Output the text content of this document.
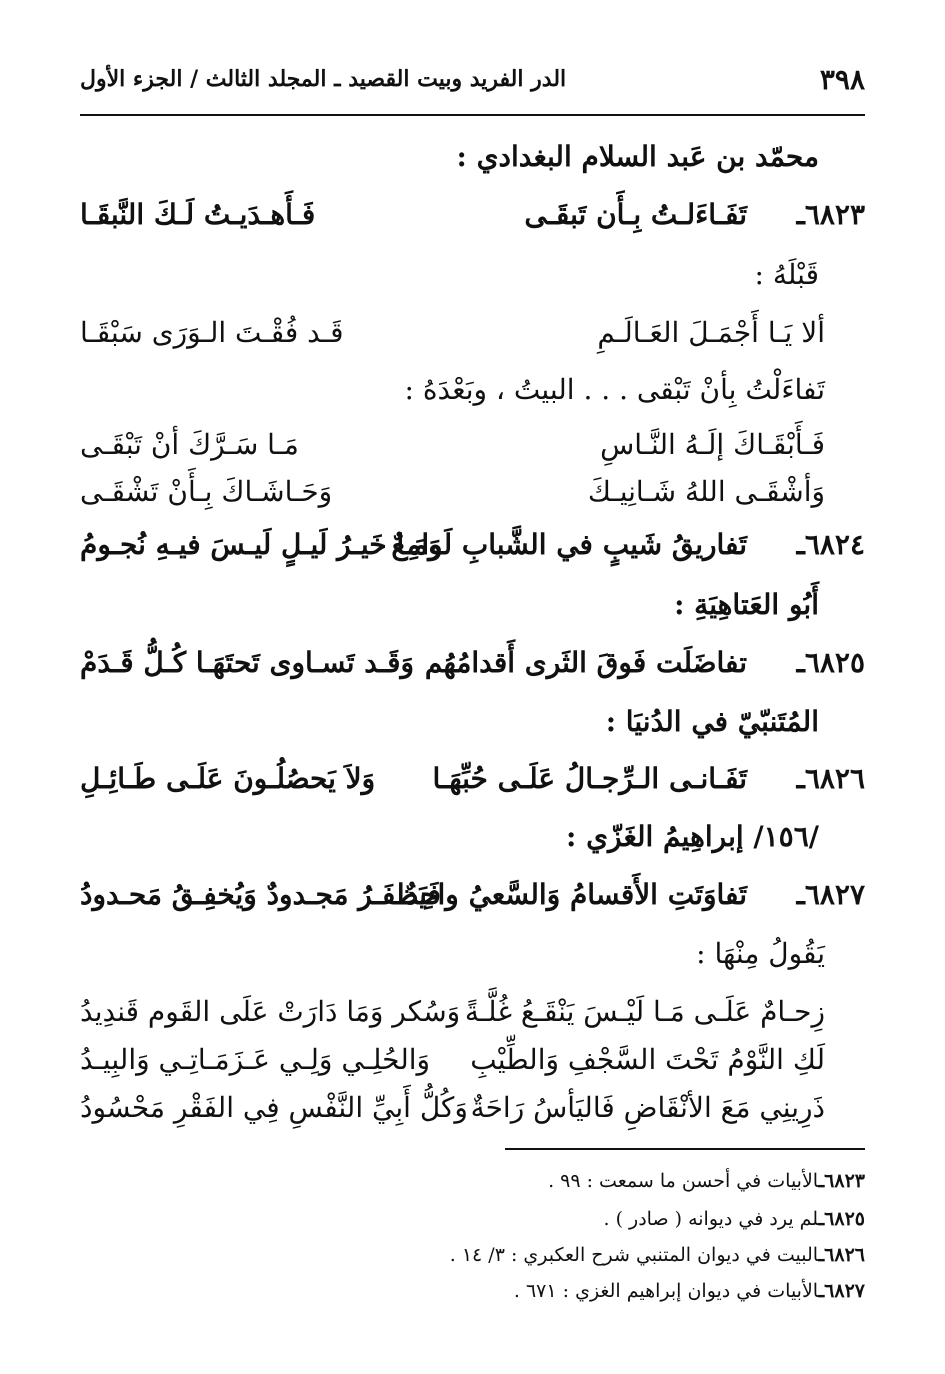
٣٩٨
الدر الفريد وبيت القصيد ـ المجلد الثالث / الجزء الأول
محمّد بن عَبد السلام البغدادي :
٦٨٢٣ـ
تَفَـاءَلـتُ بِـأَن تَبقَـى
فَـأَهـدَيـتُ لَـكَ النَّبقَـا
قَبْلَهُ :
ألا يَـا أَجْمَـلَ العَـالَـمِ
قَـد فُقْـتَ الـوَرَى سَبْقَـا
تَفاءَلْتُ بِأنْ تَبْقى . . . البيتُ ، وبَعْدَهُ :
فَـأَبْقَـاكَ إلَـهُ النَّـاسِ
مَـا سَـرَّكَ أنْ تَبْقَـى
وَأشْقَـى اللهُ شَـانِيـكَ
وَحَـاشَـاكَ بِـأَنْ تَشْقَـى
٦٨٢٤ـ
تَفاريقُ شَيبٍ في الشَّبابِ لَوامِعٌ
وَمَـا خَيـرُ لَيـلٍ لَيـسَ فيـهِ نُجـومُ
أَبُو العَتاهِيَةِ :
٦٨٢٥ـ
تفاضَلَت فَوقَ الثَرى أَقدامُهُم
وَقَـد تَسـاوى تَحتَهَـا كُـلُّ قَـدَمْ
المُتَنبّيّ في الدُنيَا :
٦٨٢٦ـ
تَفَـانـى الـرِّجـالُ عَلَـى حُبِّهَـا
وَلاَ يَحصُلُـونَ عَلَـى طَـائِـلِ
/١٥٦/ إبراهِيمُ الغَزّي :
٦٨٢٧ـ
تَفاوَتَتِ الأَقسامُ وَالسَّعيُ واحِدٌ
فَيَظفَـرُ مَجـدودٌ وَيُخفِـقُ مَحـدودُ
يَقُولُ مِنْهَا :
زِحـامٌ عَلَـى مَـا لَيْـسَ يَنْقَـعُ غُلَّـةً
وَسُكر وَمَا دَارَتْ عَلَى القَوم قَندِيدُ
لَكِ النَّوْمُ تَحْتَ السَّجْفِ وَالطِّيْبِ
وَالحُلِـي وَلِـي عَـزَمَـاتِـي وَالبِيـدُ
ذَرِينِي مَعَ الأنْقَاضِ فَاليَأسُ رَاحَةٌ
وَكُلُّ أَبِيِّ النَّفْسِ فِي الفَقْرِ مَحْسُودُ
٦٨٢٣ـالأبيات في أحسن ما سمعت : ٩٩ .
٦٨٢٥ـلم يرد في ديوانه ( صادر ) .
٦٨٢٦ـالبيت في ديوان المتنبي شرح العكبري : ٣/ ١٤ .
٦٨٢٧ـالأبيات في ديوان إبراهيم الغزي : ٦٧١ .
